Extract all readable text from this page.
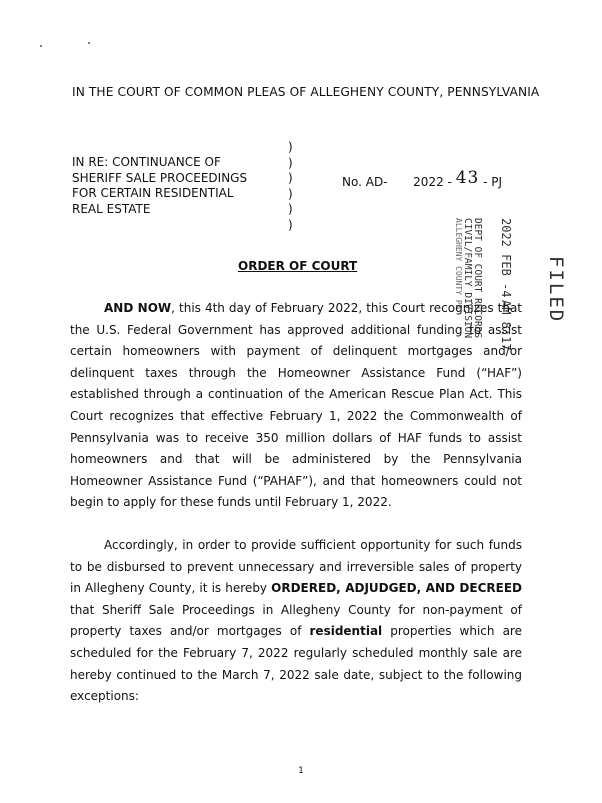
IN THE COURT OF COMMON PLEAS OF ALLEGHENY COUNTY, PENNSYLVANIA
IN RE: CONTINUANCE OF
SHERIFF SALE PROCEEDINGS
FOR CERTAIN RESIDENTIAL
REAL ESTATE
)
)
)
)
)
)
No. AD- 2022 - 43 - PJ
FILED
2022 FEB -4
AM 8:17
DEPT OF COURT RECORDS
CIVIL/FAMILY DIVISION
ALLEGHENY COUNTY PA
ORDER OF COURT
AND NOW, this 4th day of February 2022, this Court recognizes that the U.S. Federal Government has approved additional funding to assist certain homeowners with payment of delinquent mortgages and/or delinquent taxes through the Homeowner Assistance Fund (“HAF”) established through a continuation of the American Rescue Plan Act. This Court recognizes that effective February 1, 2022 the Commonwealth of Pennsylvania was to receive 350 million dollars of HAF funds to assist homeowners and that will be administered by the Pennsylvania Homeowner Assistance Fund (“PAHAF”), and that homeowners could not begin to apply for these funds until February 1, 2022.
Accordingly, in order to provide sufficient opportunity for such funds to be disbursed to prevent unnecessary and irreversible sales of property in Allegheny County, it is hereby ORDERED, ADJUDGED, AND DECREED that Sheriff Sale Proceedings in Allegheny County for non-payment of property taxes and/or mortgages of residential properties which are scheduled for the February 7, 2022 regularly scheduled monthly sale are hereby continued to the March 7, 2022 sale date, subject to the following exceptions:
1
